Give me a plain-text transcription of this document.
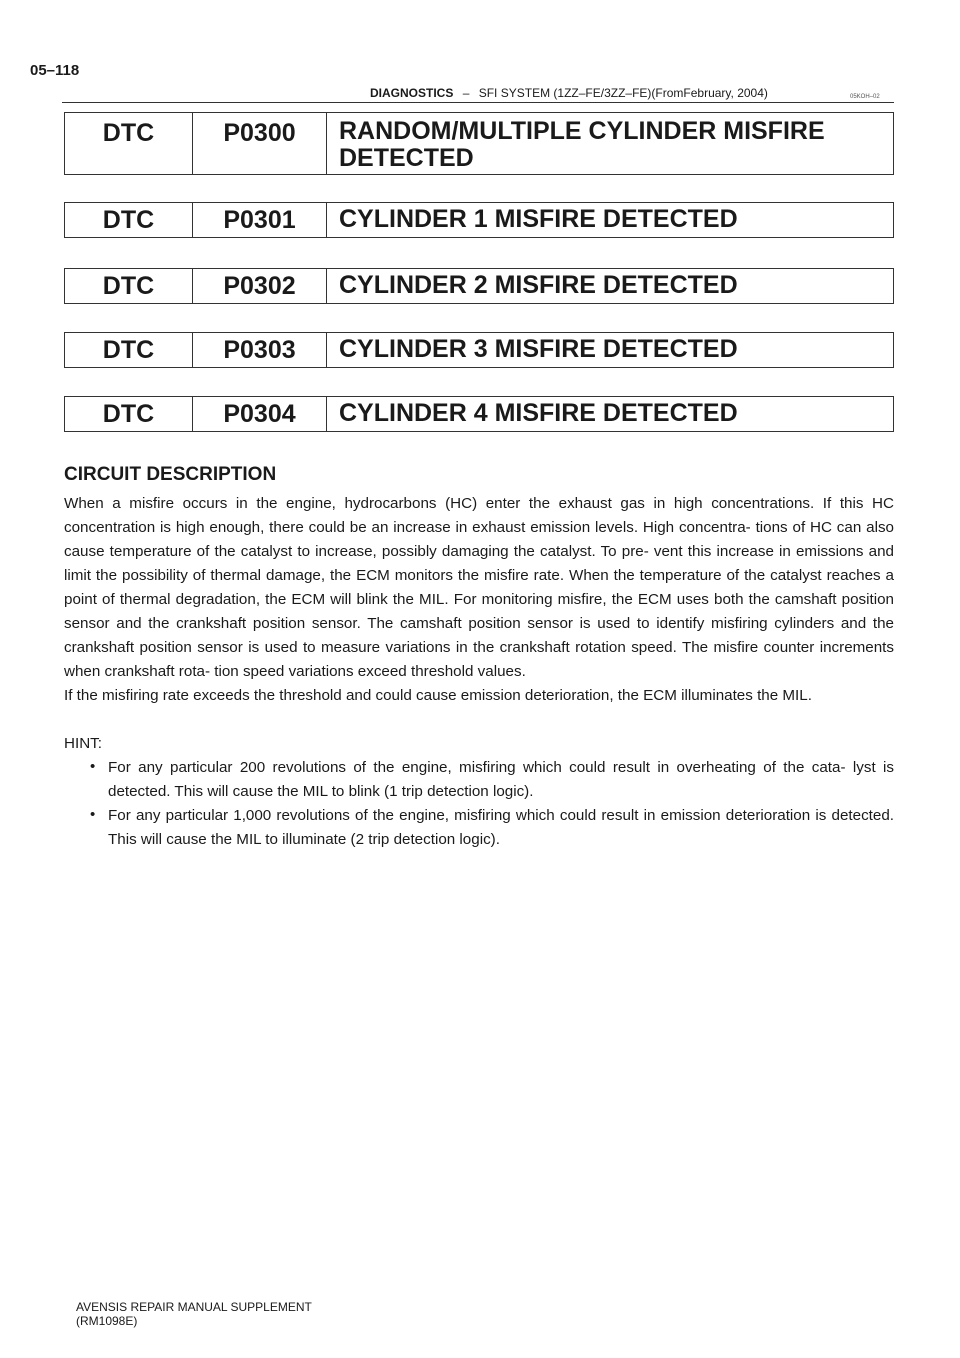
05–118
DIAGNOSTICS – SFI SYSTEM (1ZZ–FE/3ZZ–FE)(FromFebruary, 2004)	05KOH–02
DTC	P0300	RANDOM/MULTIPLE CYLINDER MISFIRE
DETECTED
DTC	P0301	CYLINDER 1 MISFIRE DETECTED
DTC	P0302	CYLINDER 2 MISFIRE DETECTED
DTC	P0303	CYLINDER 3 MISFIRE DETECTED
DTC	P0304	CYLINDER 4 MISFIRE DETECTED
CIRCUIT DESCRIPTION
When a misfire occurs in the engine, hydrocarbons (HC) enter the exhaust gas in high concentrations. If this HC concentration is high enough, there could be an increase in exhaust emission levels. High concentra- tions of HC can also cause temperature of the catalyst to increase, possibly damaging the catalyst. To pre- vent this increase in emissions and limit the possibility of thermal damage, the ECM monitors the misfire rate. When the temperature of the catalyst reaches a point of thermal degradation, the ECM will blink the MIL. For monitoring misfire, the ECM uses both the camshaft position sensor and the crankshaft position sensor. The camshaft position sensor is used to identify misfiring cylinders and the crankshaft position sensor is used to measure variations in the crankshaft rotation speed. The misfire counter increments when crankshaft rota- tion speed variations exceed threshold values.
If the misfiring rate exceeds the threshold and could cause emission deterioration, the ECM illuminates the MIL.
HINT:
• For any particular 200 revolutions of the engine, misfiring which could result in overheating of the cata- lyst is detected. This will cause the MIL to blink (1 trip detection logic).
• For any particular 1,000 revolutions of the engine, misfiring which could result in emission deterioration is detected. This will cause the MIL to illuminate (2 trip detection logic).
AVENSIS REPAIR MANUAL SUPPLEMENT
(RM1098E)
